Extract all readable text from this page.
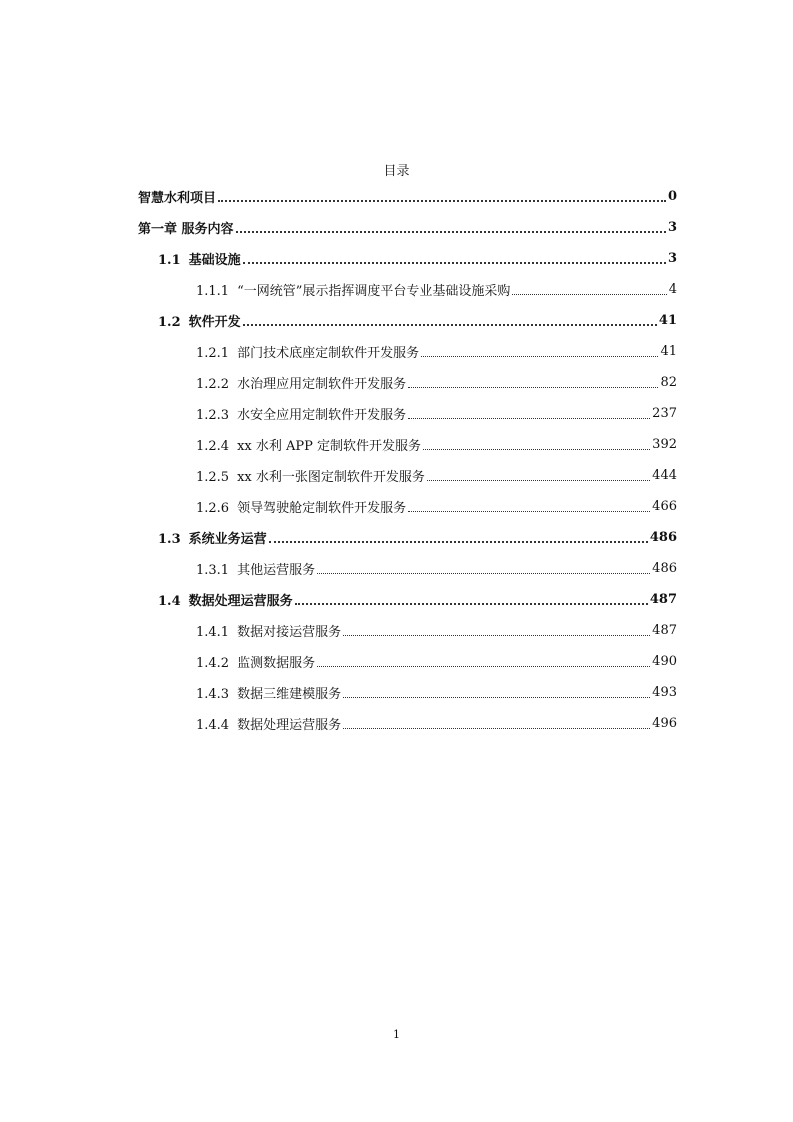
目录
智慧水利项目	0
第一章 服务内容	3
1.1 基础设施	3
1.1.1 “一网统管”展示指挥调度平台专业基础设施采购	4
1.2 软件开发	41
1.2.1 部门技术底座定制软件开发服务	41
1.2.2 水治理应用定制软件开发服务	82
1.2.3 水安全应用定制软件开发服务	237
1.2.4 xx 水利 APP 定制软件开发服务	392
1.2.5 xx 水利一张图定制软件开发服务	444
1.2.6 领导驾驶舱定制软件开发服务	466
1.3 系统业务运营	486
1.3.1 其他运营服务	486
1.4 数据处理运营服务	487
1.4.1 数据对接运营服务	487
1.4.2 监测数据服务	490
1.4.3 数据三维建模服务	493
1.4.4 数据处理运营服务	496
1
